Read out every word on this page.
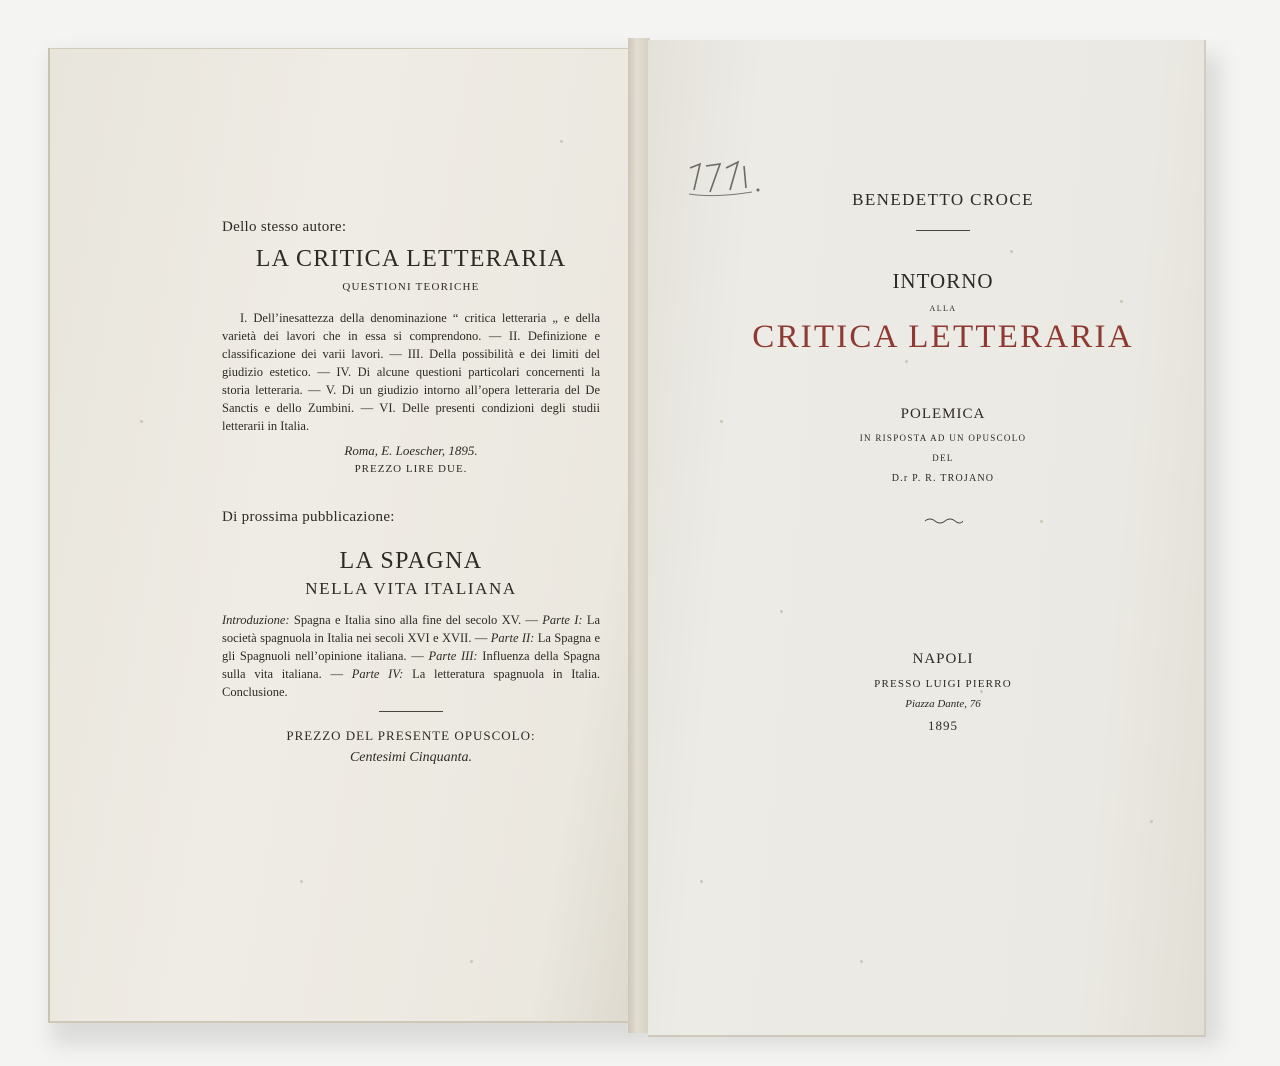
Dello stesso autore:

LA CRITICA LETTERARIA

QUESTIONI TEORICHE

I. Dell’inesattezza della denominazione “ critica letteraria „ e della varietà dei lavori che in essa si comprendono. — II. Definizione e classificazione dei varii lavori. — III. Della possibilità e dei limiti del giudizio estetico. — IV. Di alcune questioni particolari concernenti la storia letteraria. — V. Di un giudizio intorno all’opera letteraria del De Sanctis e dello Zumbini. — VI. Delle presenti condizioni degli studii letterarii in Italia.

Roma, E. Loescher, 1895.

PREZZO LIRE DUE.

Di prossima pubblicazione:

LA SPAGNA

NELLA VITA ITALIANA

Introduzione: Spagna e Italia sino alla fine del secolo XV. — Parte I: La società spagnuola in Italia nei secoli XVI e XVII. — Parte II: La Spagna e gli Spagnuoli nell’opinione italiana. — Parte III: Influenza della Spagna sulla vita italiana. — Parte IV: La letteratura spagnuola in Italia. Conclusione.

PREZZO DEL PRESENTE OPUSCOLO:

Centesimi Cinquanta.

BENEDETTO CROCE

INTORNO

ALLA

CRITICA LETTERARIA

POLEMICA

IN RISPOSTA AD UN OPUSCOLO

DEL

D.r P. R. TROJANO

NAPOLI

PRESSO LUIGI PIERRO

Piazza Dante, 76

1895
